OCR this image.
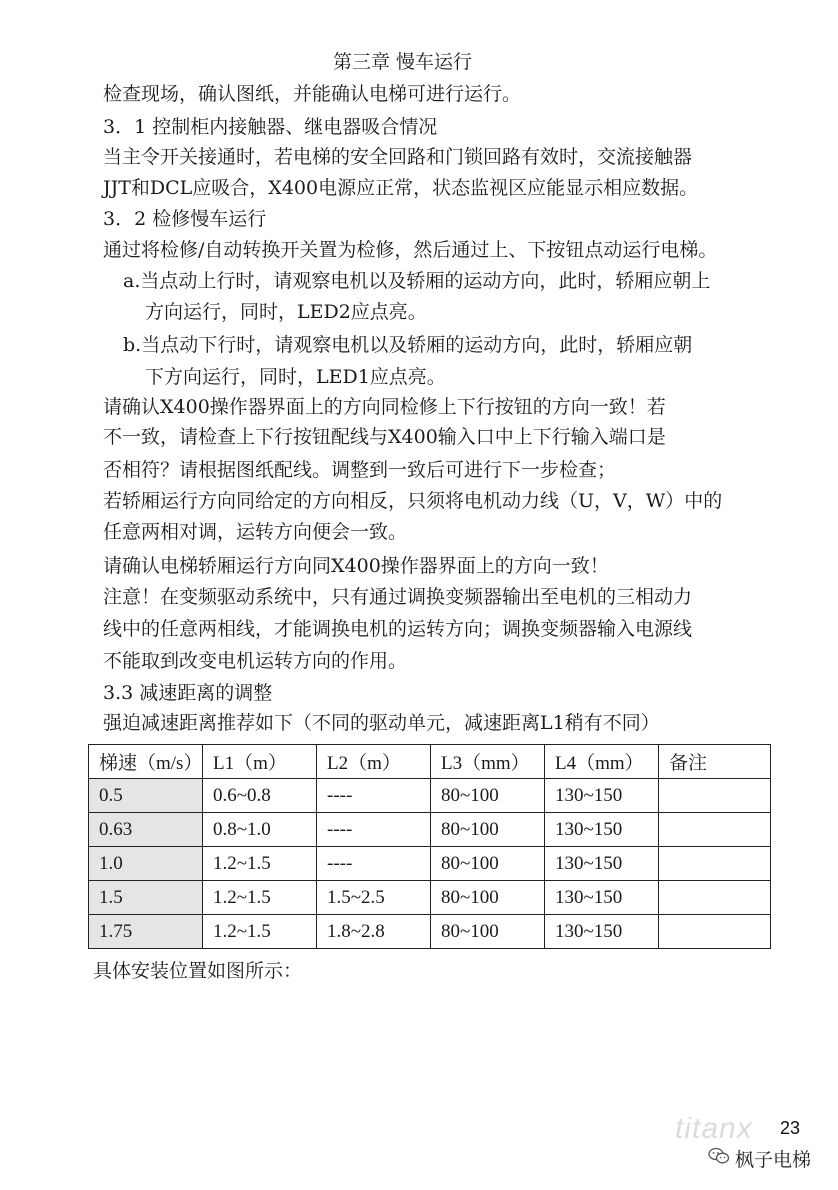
第三章 慢车运行
检查现场，确认图纸，并能确认电梯可进行运行。
3．1 控制柜内接触器、继电器吸合情况
当主令开关接通时，若电梯的安全回路和门锁回路有效时，交流接触器
JJT和DCL应吸合，X400电源应正常，状态监视区应能显示相应数据。
3．2 检修慢车运行
通过将检修/自动转换开关置为检修，然后通过上、下按钮点动运行电梯。
a.当点动上行时，请观察电机以及轿厢的运动方向，此时，轿厢应朝上
方向运行，同时，LED2应点亮。
b.当点动下行时，请观察电机以及轿厢的运动方向，此时，轿厢应朝
下方向运行，同时，LED1应点亮。
请确认X400操作器界面上的方向同检修上下行按钮的方向一致！若
不一致，请检查上下行按钮配线与X400输入口中上下行输入端口是
否相符？请根据图纸配线。调整到一致后可进行下一步检查；
若轿厢运行方向同给定的方向相反，只须将电机动力线（U，V，W）中的
任意两相对调，运转方向便会一致。
请确认电梯轿厢运行方向同X400操作器界面上的方向一致！
注意！在变频驱动系统中，只有通过调换变频器输出至电机的三相动力
线中的任意两相线，才能调换电机的运转方向；调换变频器输入电源线
不能取到改变电机运转方向的作用。
3.3 减速距离的调整
强迫减速距离推荐如下（不同的驱动单元，减速距离L1稍有不同）
梯速（m/s）	L1（m）	L2（m）	L3（mm）	L4（mm）	备注
0.5	0.6~0.8	----	80~100	130~150	
0.63	0.8~1.0	----	80~100	130~150	
1.0	1.2~1.5	----	80~100	130~150	
1.5	1.2~1.5	1.5~2.5	80~100	130~150	
1.75	1.2~1.5	1.8~2.8	80~100	130~150	
具体安装位置如图所示：
titanx 23
枫子电梯
